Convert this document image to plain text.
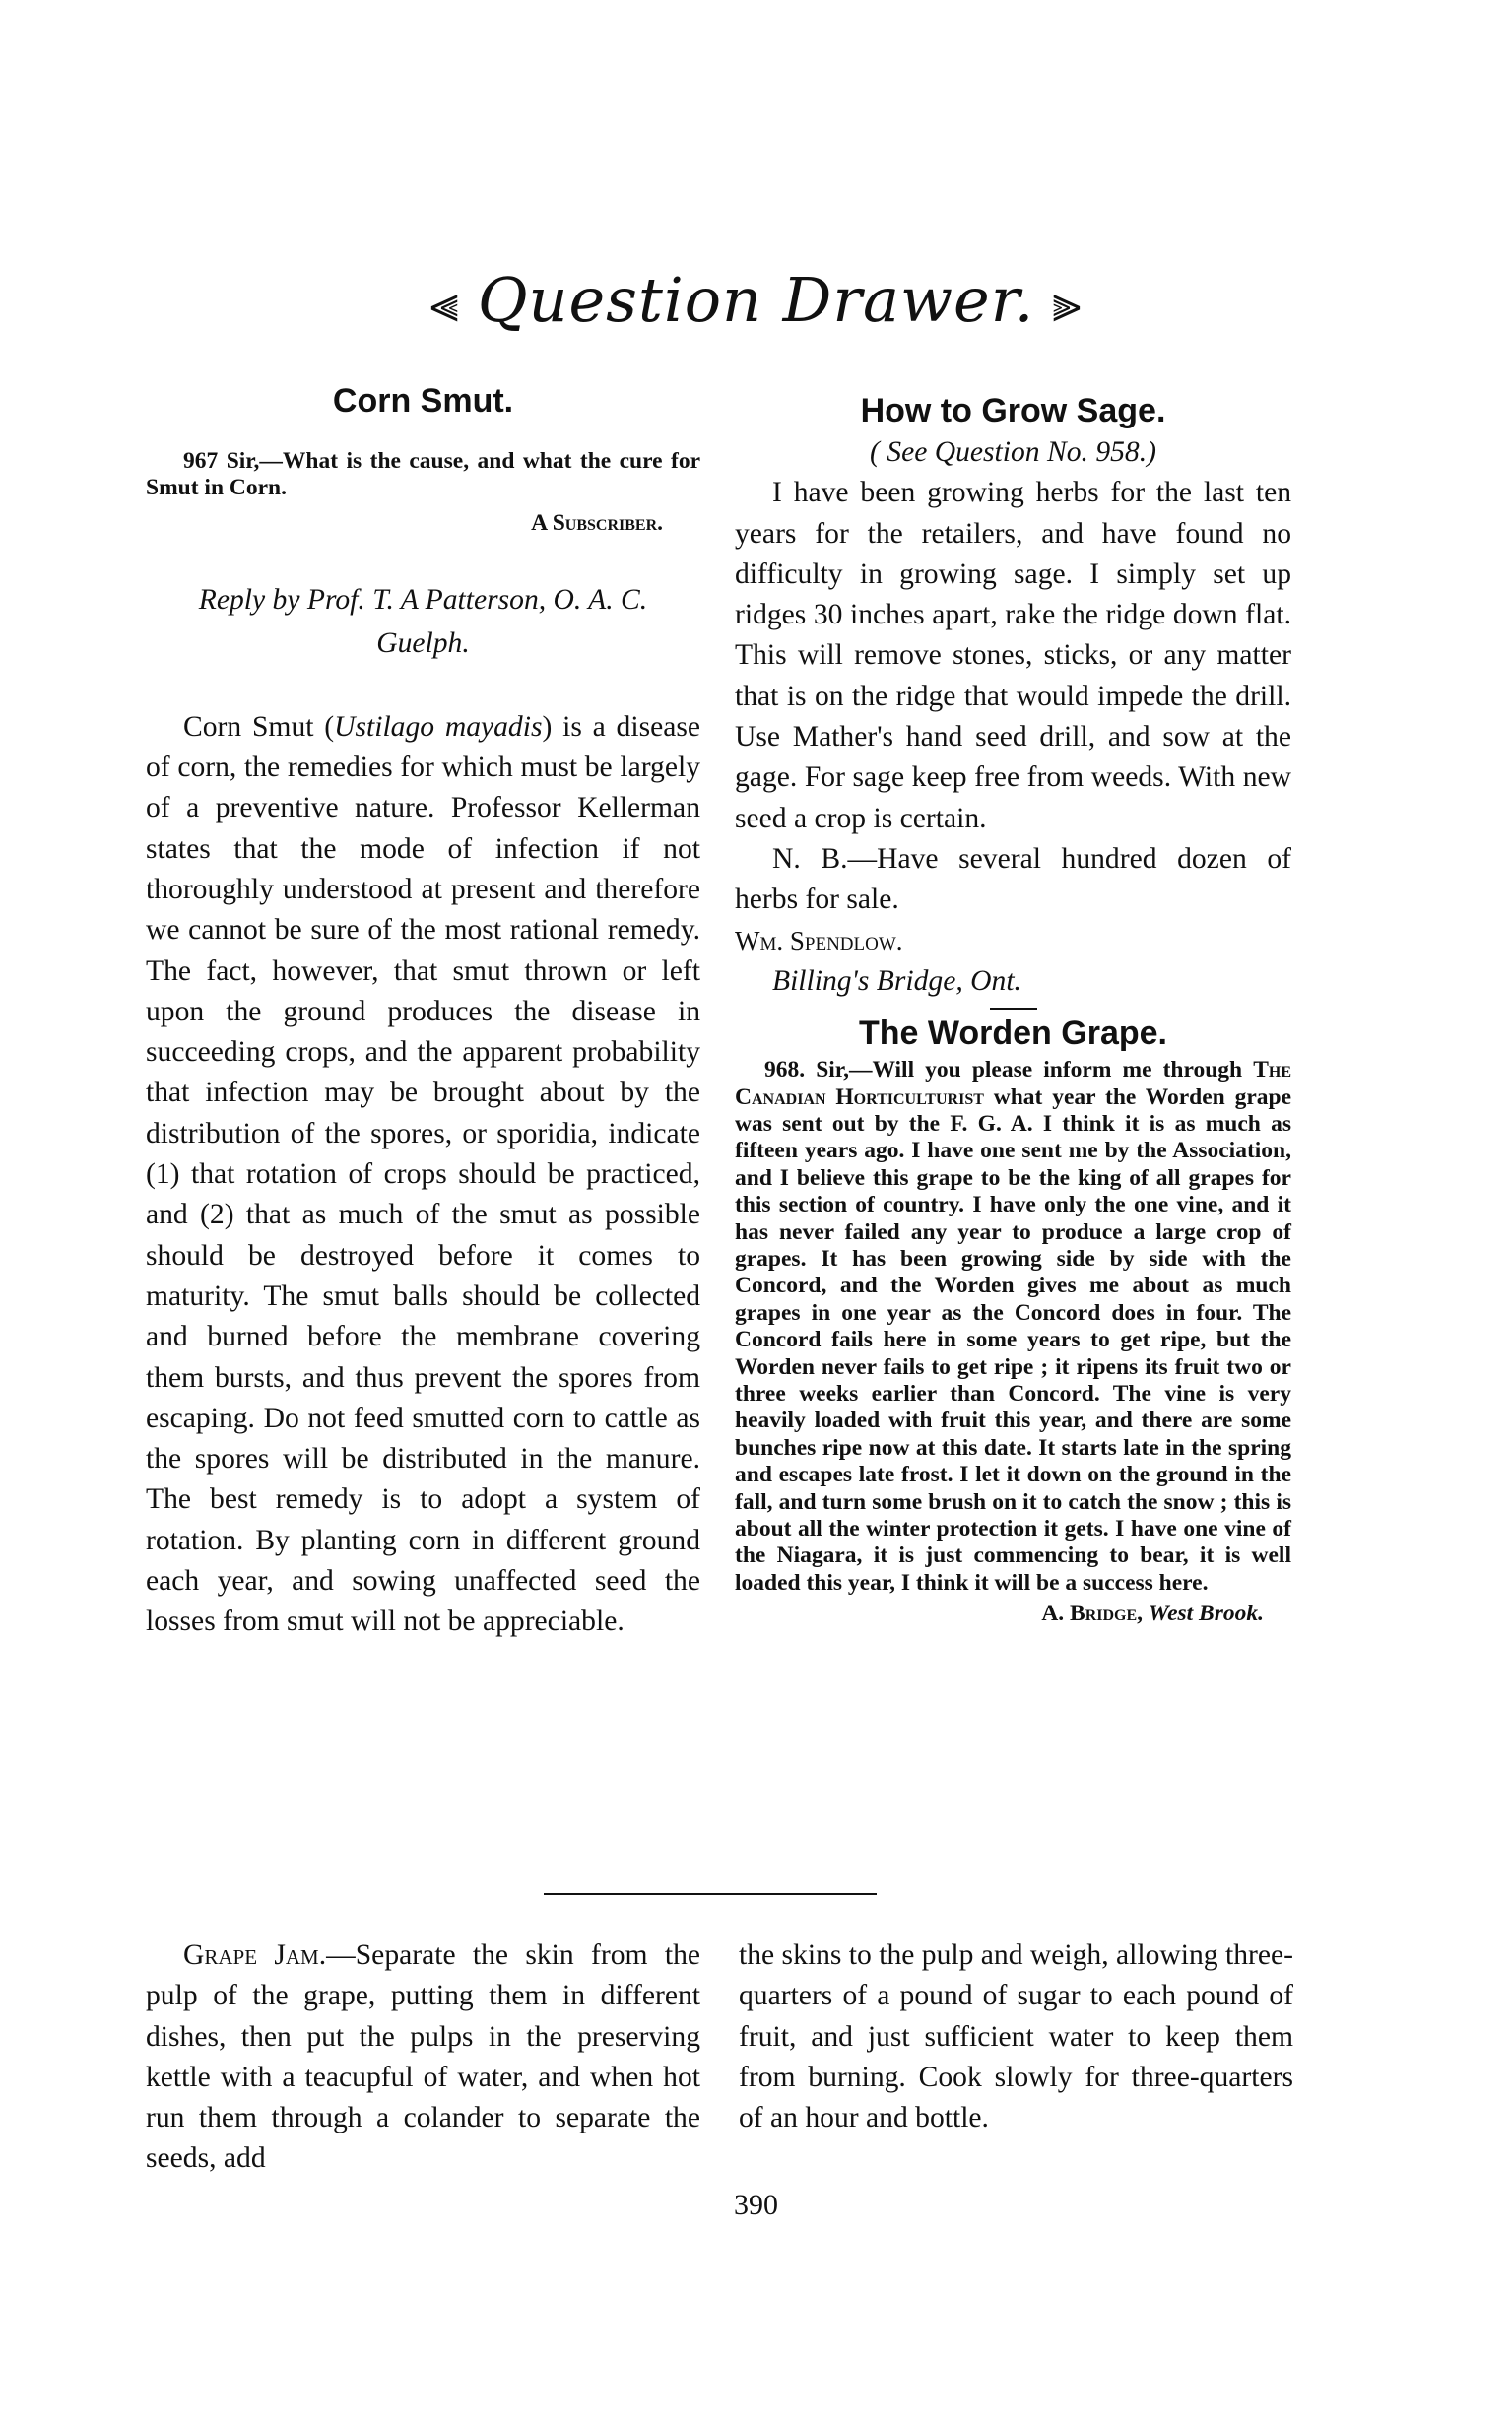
⫷ Question Drawer. ⫸
Corn Smut.

967 Sir,—What is the cause, and what the cure for Smut in Corn.

A Subscriber.

Reply by Prof. T. A Patterson, O. A. C.

Guelph.

Corn Smut (Ustilago mayadis) is a disease of corn, the remedies for which must be largely of a preventive nature. Professor Kellerman states that the mode of infection if not thoroughly understood at present and therefore we cannot be sure of the most rational remedy. The fact, however, that smut thrown or left upon the ground produces the disease in succeeding crops, and the apparent probability that infection may be brought about by the distribution of the spores, or sporidia, indicate (1) that rotation of crops should be practiced, and (2) that as much of the smut as possible should be destroyed before it comes to maturity. The smut balls should be collected and burned before the membrane covering them bursts, and thus prevent the spores from escaping. Do not feed smutted corn to cattle as the spores will be distributed in the manure. The best remedy is to adopt a system of rotation. By planting corn in different ground each year, and sowing unaffected seed the losses from smut will not be appreciable.

How to Grow Sage.

( See Question No. 958.)

I have been growing herbs for the last ten years for the retailers, and have found no difficulty in growing sage. I simply set up ridges 30 inches apart, rake the ridge down flat. This will remove stones, sticks, or any matter that is on the ridge that would impede the drill. Use Mather's hand seed drill, and sow at the gage. For sage keep free from weeds. With new seed a crop is certain.

N. B.—Have several hundred dozen of herbs for sale.

Wm. Spendlow.

Billing's Bridge, Ont.

The Worden Grape.

968. Sir,—Will you please inform me through The Canadian Horticulturist what year the Worden grape was sent out by the F. G. A. I think it is as much as fifteen years ago. I have one sent me by the Association, and I believe this grape to be the king of all grapes for this section of country. I have only the one vine, and it has never failed any year to produce a large crop of grapes. It has been growing side by side with the Concord, and the Worden gives me about as much grapes in one year as the Concord does in four. The Concord fails here in some years to get ripe, but the Worden never fails to get ripe ; it ripens its fruit two or three weeks earlier than Concord. The vine is very heavily loaded with fruit this year, and there are some bunches ripe now at this date. It starts late in the spring and escapes late frost. I let it down on the ground in the fall, and turn some brush on it to catch the snow ; this is about all the winter protection it gets. I have one vine of the Niagara, it is just commencing to bear, it is well loaded this year, I think it will be a success here.

A. Bridge, West Brook.

Grape Jam.—Separate the skin from the pulp of the grape, putting them in different dishes, then put the pulps in the preserving kettle with a teacupful of water, and when hot run them through a colander to separate the seeds, add

the skins to the pulp and weigh, allowing three-quarters of a pound of sugar to each pound of fruit, and just sufficient water to keep them from burning. Cook slowly for three-quarters of an hour and bottle.

390
